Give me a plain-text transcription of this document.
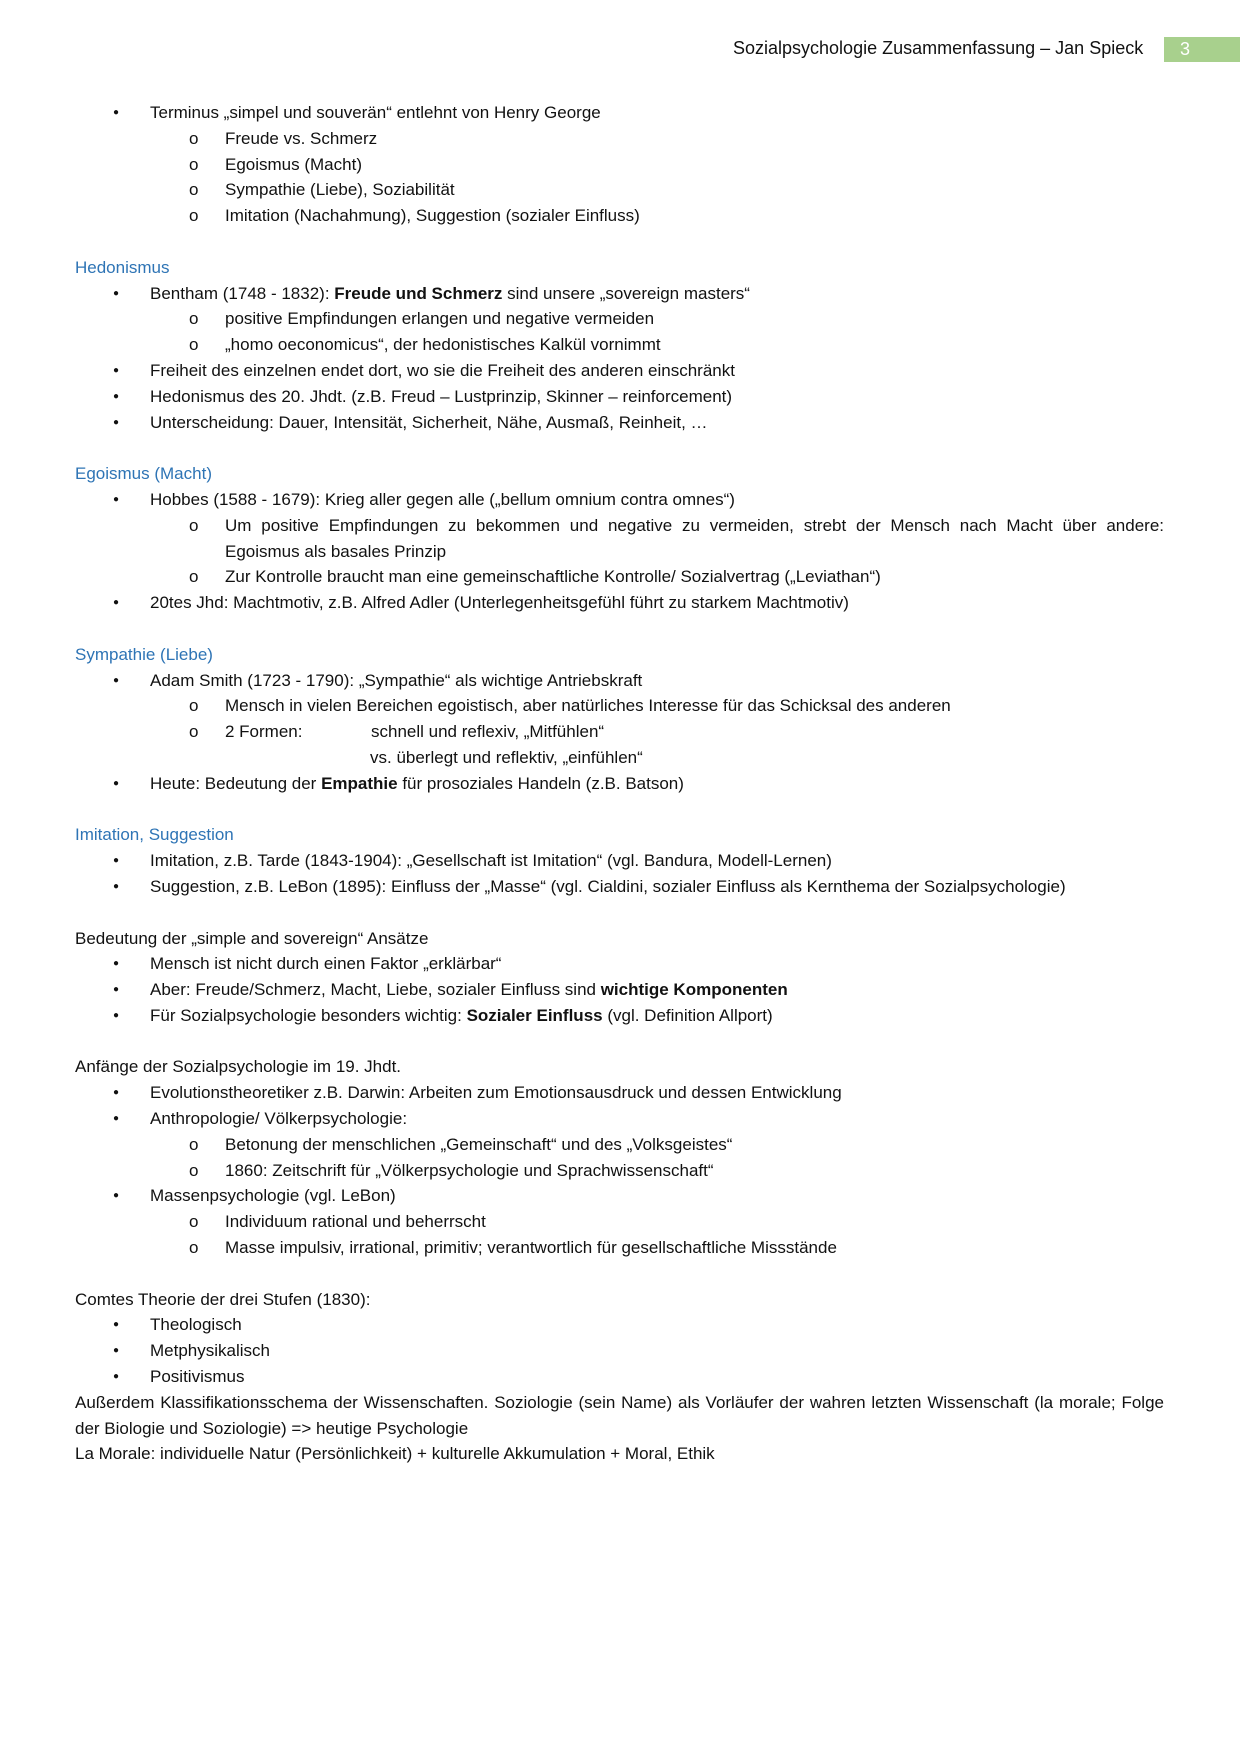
Sozialpsychologie Zusammenfassung – Jan Spieck	3
● Terminus „simpel und souverän“ entlehnt von Henry George
o Freude vs. Schmerz
o Egoismus (Macht)
o Sympathie (Liebe), Soziabilität
o Imitation (Nachahmung), Suggestion (sozialer Einfluss)
Hedonismus
● Bentham (1748 - 1832): Freude und Schmerz sind unsere „sovereign masters“
o positive Empfindungen erlangen und negative vermeiden
o „homo oeconomicus“, der hedonistisches Kalkül vornimmt
● Freiheit des einzelnen endet dort, wo sie die Freiheit des anderen einschränkt
● Hedonismus des 20. Jhdt. (z.B. Freud – Lustprinzip, Skinner – reinforcement)
● Unterscheidung: Dauer, Intensität, Sicherheit, Nähe, Ausmaß, Reinheit, …
Egoismus (Macht)
● Hobbes (1588 - 1679): Krieg aller gegen alle („bellum omnium contra omnes“)
o Um positive Empfindungen zu bekommen und negative zu vermeiden, strebt der Mensch nach Macht über andere: Egoismus als basales Prinzip
o Zur Kontrolle braucht man eine gemeinschaftliche Kontrolle/ Sozialvertrag („Leviathan“)
● 20tes Jhd: Machtmotiv, z.B. Alfred Adler (Unterlegenheitsgefühl führt zu starkem Machtmotiv)
Sympathie (Liebe)
● Adam Smith (1723 - 1790): „Sympathie“ als wichtige Antriebskraft
o Mensch in vielen Bereichen egoistisch, aber natürliches Interesse für das Schicksal des anderen
o 2 Formen:	schnell und reflexiv, „Mitfühlen“
vs. überlegt und reflektiv, „einfühlen“
● Heute: Bedeutung der Empathie für prosoziales Handeln (z.B. Batson)
Imitation, Suggestion
● Imitation, z.B. Tarde (1843-1904): „Gesellschaft ist Imitation“ (vgl. Bandura, Modell-Lernen)
● Suggestion, z.B. LeBon (1895): Einfluss der „Masse“ (vgl. Cialdini, sozialer Einfluss als Kernthema der Sozialpsychologie)
Bedeutung der „simple and sovereign“ Ansätze
● Mensch ist nicht durch einen Faktor „erklärbar“
● Aber: Freude/Schmerz, Macht, Liebe, sozialer Einfluss sind wichtige Komponenten
● Für Sozialpsychologie besonders wichtig: Sozialer Einfluss (vgl. Definition Allport)
Anfänge der Sozialpsychologie im 19. Jhdt.
● Evolutionstheoretiker z.B. Darwin: Arbeiten zum Emotionsausdruck und dessen Entwicklung
● Anthropologie/ Völkerpsychologie:
o Betonung der menschlichen „Gemeinschaft“ und des „Volksgeistes“
o 1860: Zeitschrift für „Völkerpsychologie und Sprachwissenschaft“
● Massenpsychologie (vgl. LeBon)
o Individuum rational und beherrscht
o Masse impulsiv, irrational, primitiv; verantwortlich für gesellschaftliche Missstände
Comtes Theorie der drei Stufen (1830):
● Theologisch
● Metphysikalisch
● Positivismus
Außerdem Klassifikationsschema der Wissenschaften. Soziologie (sein Name) als Vorläufer der wahren letzten Wissenschaft (la morale; Folge der Biologie und Soziologie) => heutige Psychologie
La Morale: individuelle Natur (Persönlichkeit) + kulturelle Akkumulation + Moral, Ethik
